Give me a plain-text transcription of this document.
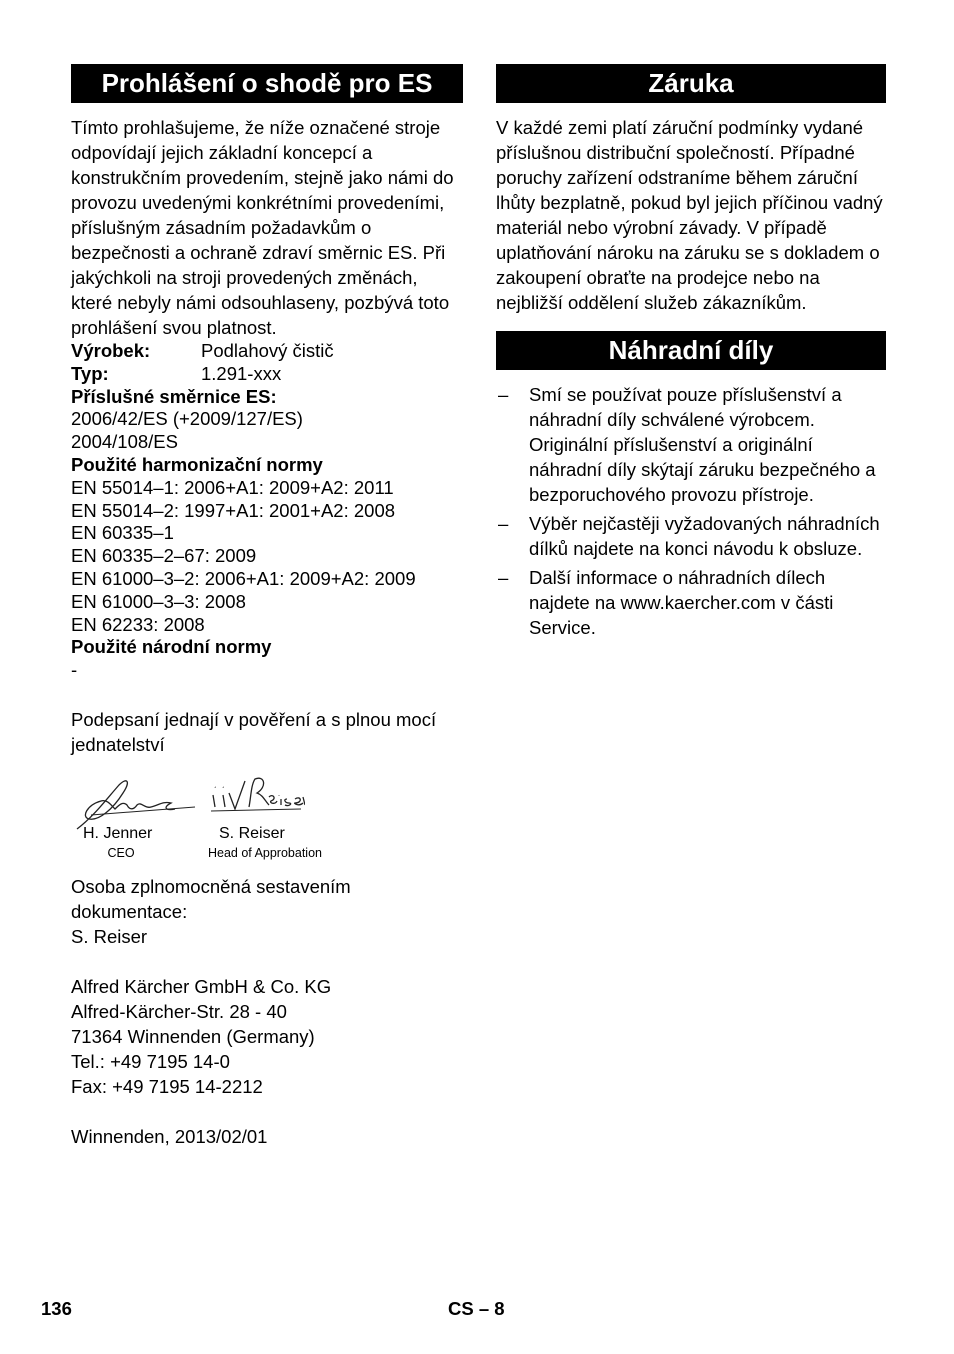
Prohlášení o shodě pro ES

Tímto prohlašujeme, že níže označené stroje odpovídají jejich základní koncepcí a konstrukčním provedením, stejně jako námi do provozu uvedenými konkrétními provedeními, příslušným zásadním požadavkům o bezpečnosti a ochraně zdraví směrnic ES. Při jakýchkoli na stroji provedených změnách, které nebyly námi odsouhlaseny, pozbývá toto prohlášení svou platnost.

Výrobek:	Podlahový čistič
Typ:	1.291-xxx
Příslušné směrnice ES:
2006/42/ES (+2009/127/ES)
2004/108/ES
Použité harmonizační normy
EN 55014–1: 2006+A1: 2009+A2: 2011
EN 55014–2: 1997+A1: 2001+A2: 2008
EN 60335–1
EN 60335–2–67: 2009
EN 61000–3–2: 2006+A1: 2009+A2: 2009
EN 61000–3–3: 2008
EN 62233: 2008
Použité národní normy
-

Podepsaní jednají v pověření a s plnou mocí jednatelství

H. Jenner	S. Reiser
CEO	Head of Approbation

Osoba zplnomocněná sestavením dokumentace:

S. Reiser

Alfred Kärcher GmbH & Co. KG

Alfred-Kärcher-Str. 28 - 40

71364 Winnenden (Germany)

Tel.: +49 7195 14-0

Fax: +49 7195 14-2212

Winnenden, 2013/02/01

Záruka

V každé zemi platí záruční podmínky vydané příslušnou distribuční společností. Případné poruchy zařízení odstraníme během záruční lhůty bezplatně, pokud byl jejich příčinou vadný materiál nebo výrobní závady. V případě uplatňování nároku na záruku se s dokladem o zakoupení obraťte na prodejce nebo na nejbližší oddělení služeb zákazníkům.

Náhradní díly
– Smí se používat pouze příslušenství a náhradní díly schválené výrobcem. Originální příslušenství a originální náhradní díly skýtají záruku bezpečného a bezporuchového provozu přístroje.
– Výběr nejčastěji vyžadovaných náhradních dílků najdete na konci návodu k obsluze.
– Další informace o náhradních dílech najdete na www.kaercher.com v části Service.
136	CS – 8
